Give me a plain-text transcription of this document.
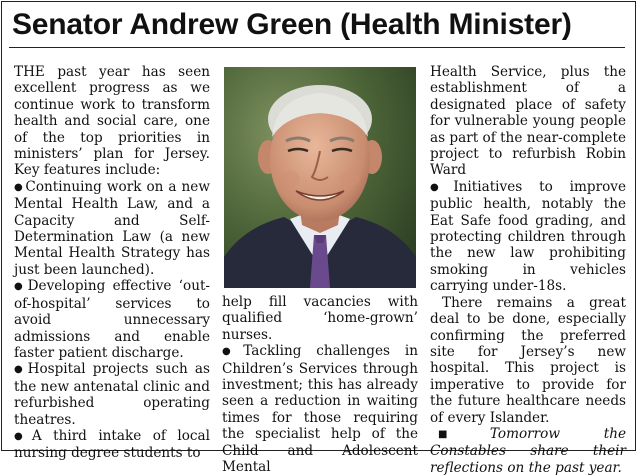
Senator Andrew Green (Health Minister)

THE past year has seen excellent progress as we continue work to transform health and social care, one of the top priorities in ministers’ plan for Jersey. Key features include:

● Continuing work on a new Mental Health Law, and a Capacity and Self-Determination Law (a new Mental Health Strategy has just been launched).

● Developing effective ‘out-of-hospital’ services to avoid unnecessary admissions and enable faster patient discharge.

● Hospital projects such as the new antenatal clinic and refurbished operating theatres.

● A third intake of local nursing degree students to

help fill vacancies with qualified ‘home-grown’ nurses.

● Tackling challenges in Children’s Services through investment; this has already seen a reduction in waiting times for those requiring the specialist help of the Child and Adolescent Mental

Health Service, plus the establishment of a designated place of safety for vulnerable young people as part of the near-complete project to refurbish Robin Ward

● Initiatives to improve public health, notably the Eat Safe food grading, and protecting children through the new law prohibiting smoking in vehicles carrying under-18s.

There remains a great deal to be done, especially confirming the preferred site for Jersey’s new hospital. This project is imperative to provide for the future healthcare needs of every Islander.

■ Tomorrow the Constables share their reflections on the past year.
